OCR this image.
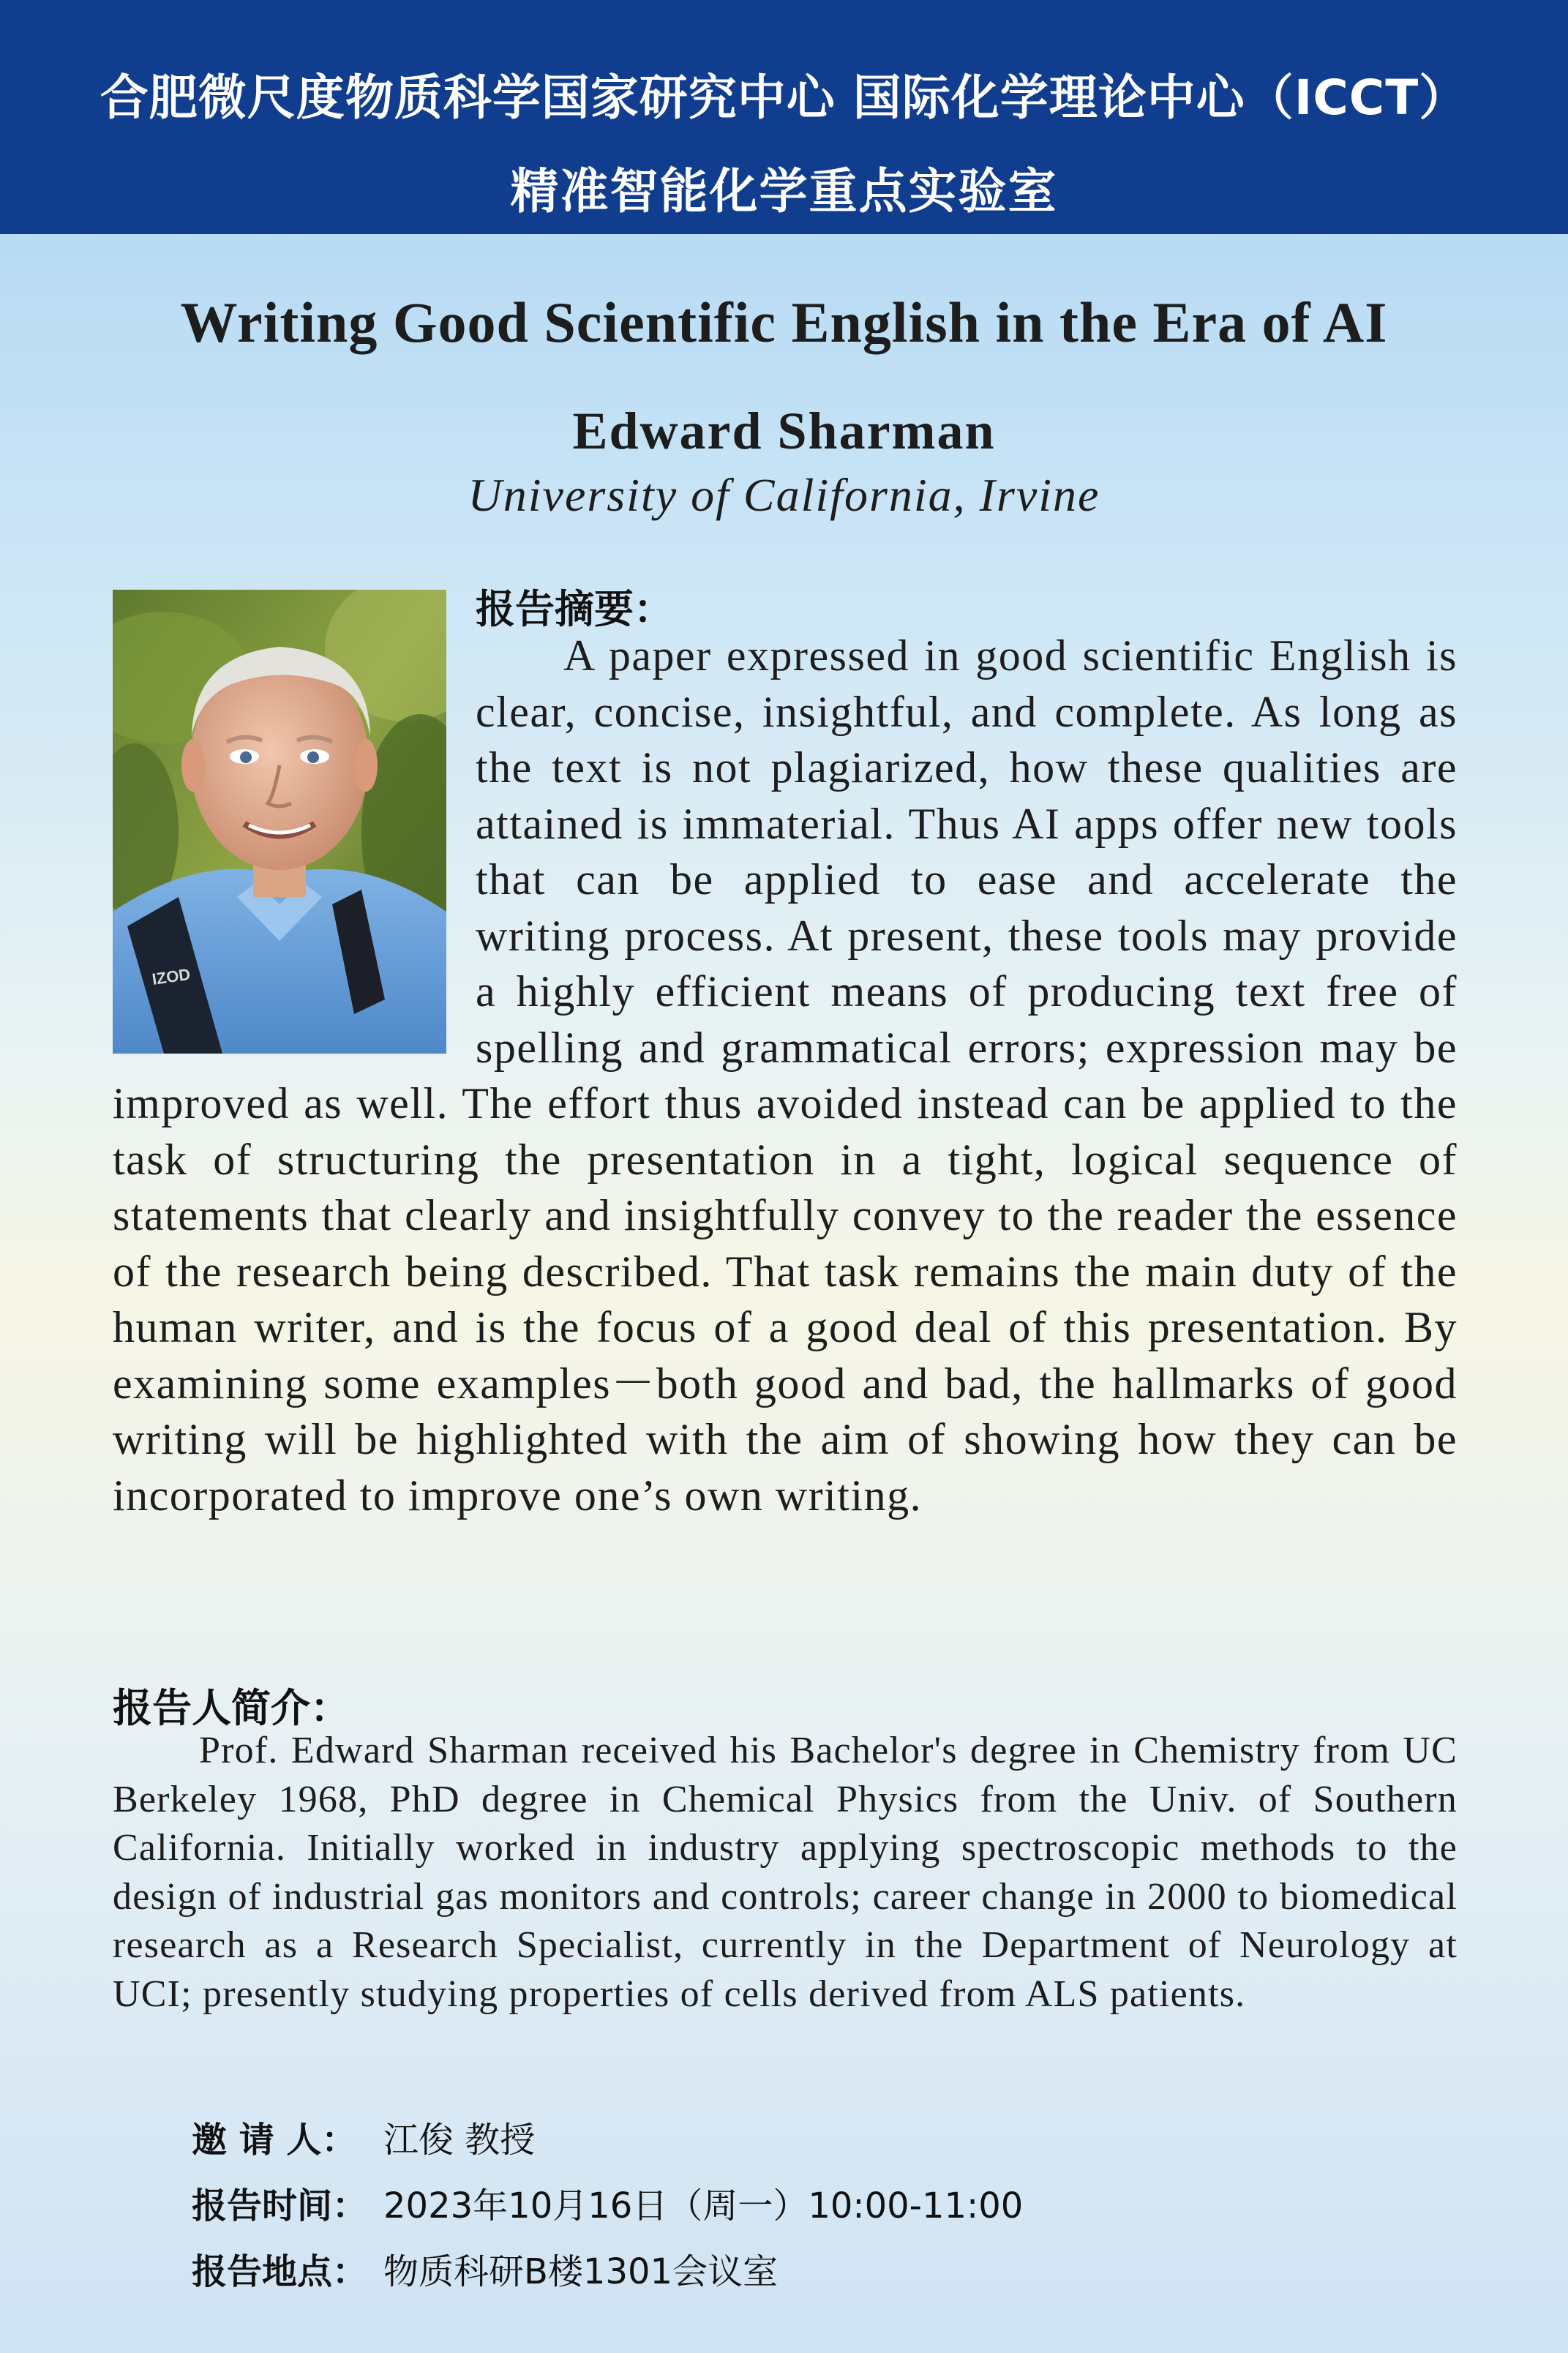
合肥微尺度物质科学国家研究中心 国际化学理论中心（ICCT）
精准智能化学重点实验室
Writing Good Scientific English in the Era of AI
Edward Sharman
University of California, Irvine
IZOD
报告摘要：
A paper expressed in good scientific English is clear, concise, insightful, and complete. As long as the text is not plagiarized, how these qualities are attained is immaterial. Thus AI apps offer new tools that can be applied to ease and accelerate the writing process. At present, these tools may provide a highly efficient means of producing text free of spelling and grammatical errors; expression may be improved as well. The effort thus avoided instead can be applied to the task of structuring the presentation in a tight, logical sequence of statements that clearly and insightfully convey to the reader the essence of the research being described. That task remains the main duty of the human writer, and is the focus of a good deal of this presentation. By examining some examples－both good and bad, the hallmarks of good writing will be highlighted with the aim of showing how they can be incorporated to improve one’s own writing.
报告人简介：
Prof. Edward Sharman received his Bachelor's degree in Chemistry from UC Berkeley 1968, PhD degree in Chemical Physics from the Univ. of Southern California. Initially worked in industry applying spectroscopic methods to the design of industrial gas monitors and controls; career change in 2000 to biomedical research as a Research Specialist, currently in the Department of Neurology at UCI; presently studying properties of cells derived from ALS patients.
邀 请 人： 江俊 教授
报告时间： 2023年10月16日（周一）10:00-11:00
报告地点： 物质科研B楼1301会议室
